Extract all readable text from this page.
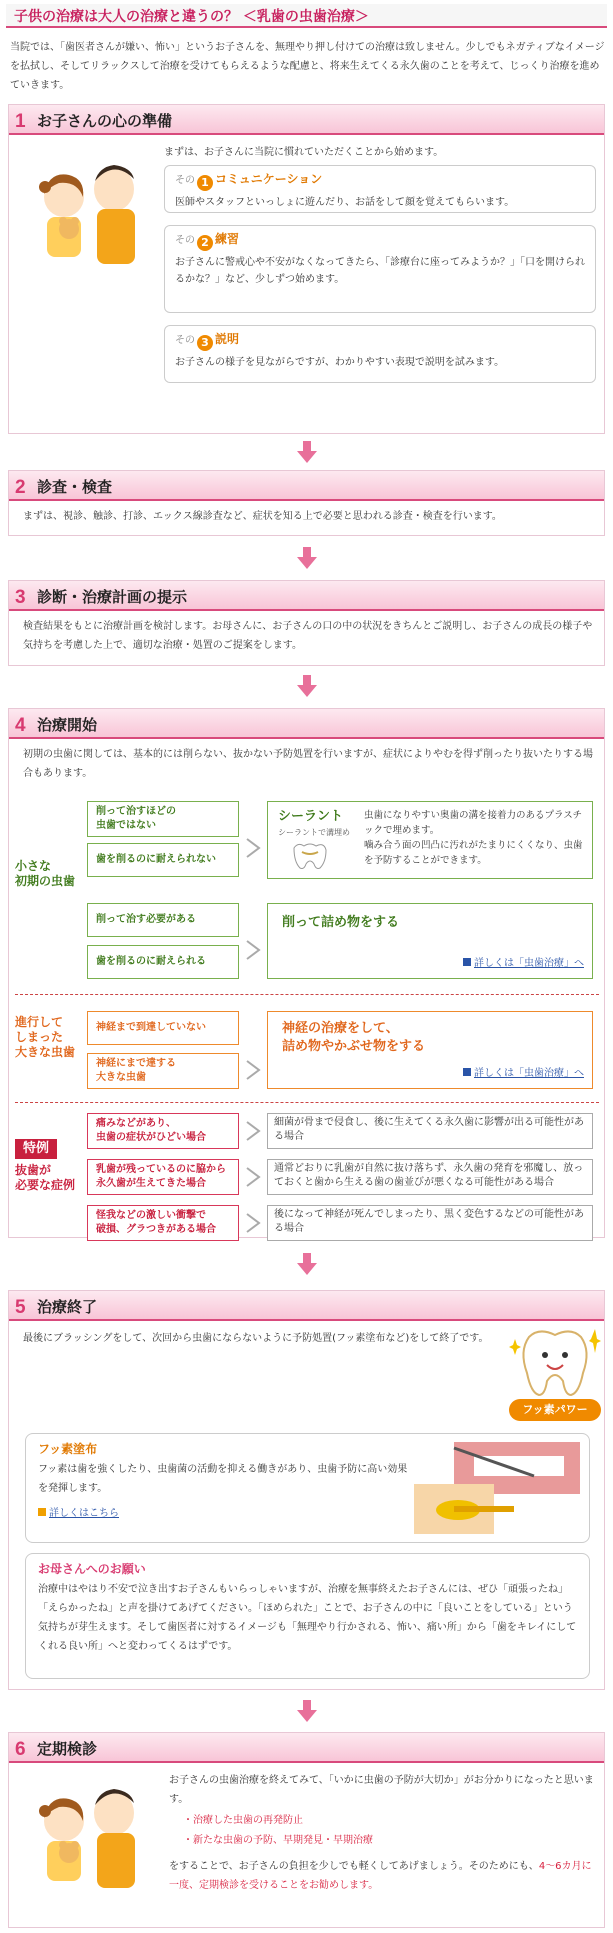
子供の治療は大人の治療と違うの？ ＜乳歯の虫歯治療＞
当院では、「歯医者さんが嫌い、怖い」というお子さんを、無理やり押し付けての治療は致しません。少しでもネガティブなイメージを払拭し、そしてリラックスして治療を受けてもらえるような配慮と、将来生えてくる永久歯のことを考えて、じっくり治療を進めていきます。
1 お子さんの心の準備
まずは、お子さんに当院に慣れていただくことから始めます。
その 1 コミュニケーション
医師やスタッフといっしょに遊んだり、お話をして顔を覚えてもらいます。
その 2 練習
お子さんに警戒心や不安がなくなってきたら、「診療台に座ってみようか？」「口を開けられるかな？」など、少しずつ始めます。
その 3 説明
お子さんの様子を見ながらですが、わかりやすい表現で説明を試みます。
2 診査・検査
まずは、視診、触診、打診、エックス線診査など、症状を知る上で必要と思われる診査・検査を行います。
3 診断・治療計画の提示
検査結果をもとに治療計画を検討します。お母さんに、お子さんの口の中の状況をきちんとご説明し、お子さんの成長の様子や気持ちを考慮した上で、適切な治療・処置のご提案をします。
4 治療開始
初期の虫歯に関しては、基本的には削らない、抜かない予防処置を行いますが、症状によりやむを得ず削ったり抜いたりする場合もあります。
小さな
初期の虫歯
削って治すほどの
虫歯ではない
歯を削るのに耐えられない
削って治す必要がある
歯を削るのに耐えられる
シーラント
シーラントで溝埋め
虫歯になりやすい奥歯の溝を接着力のあるプラスチックで埋めます。
噛み合う面の凹凸に汚れがたまりにくくなり、虫歯を予防することができます。
削って詰め物をする
詳しくは「虫歯治療」へ
進行して
しまった
大きな虫歯
神経まで到達していない
神経にまで達する
大きな虫歯
神経の治療をして、
詰め物やかぶせ物をする
詳しくは「虫歯治療」へ
特例
抜歯が
必要な症例
痛みなどがあり、
虫歯の症状がひどい場合
乳歯が残っているのに脇から
永久歯が生えてきた場合
怪我などの激しい衝撃で
破損、グラつきがある場合
細菌が骨まで侵食し、後に生えてくる永久歯に影響が出る可能性がある場合
通常どおりに乳歯が自然に抜け落ちず、永久歯の発育を邪魔し、放っておくと歯から生える歯の歯並びが悪くなる可能性がある場合
後になって神経が死んでしまったり、黒く変色するなどの可能性がある場合
5 治療終了
最後にブラッシングをして、次回から虫歯にならないように予防処置(フッ素塗布など)をして終了です。
フッ素パワー
フッ素塗布
フッ素は歯を強くしたり、虫歯菌の活動を抑える働きがあり、虫歯予防に高い効果を発揮します。
詳しくはこちら
お母さんへのお願い
治療中はやはり不安で泣き出すお子さんもいらっしゃいますが、治療を無事終えたお子さんには、ぜひ「頑張ったね」「えらかったね」と声を掛けてあげてください。「ほめられた」ことで、お子さんの中に「良いことをしている」という気持ちが芽生えます。そして歯医者に対するイメージも「無理やり行かされる、怖い、痛い所」から「歯をキレイにしてくれる良い所」へと変わってくるはずです。
6 定期検診
お子さんの虫歯治療を終えてみて、「いかに虫歯の予防が大切か」がお分かりになったと思います。
・治療した虫歯の再発防止
・新たな虫歯の予防、早期発見・早期治療
をすることで、お子さんの負担を少しでも軽くしてあげましょう。そのためにも、4〜6カ月に一度、定期検診を受けることをお勧めします。
